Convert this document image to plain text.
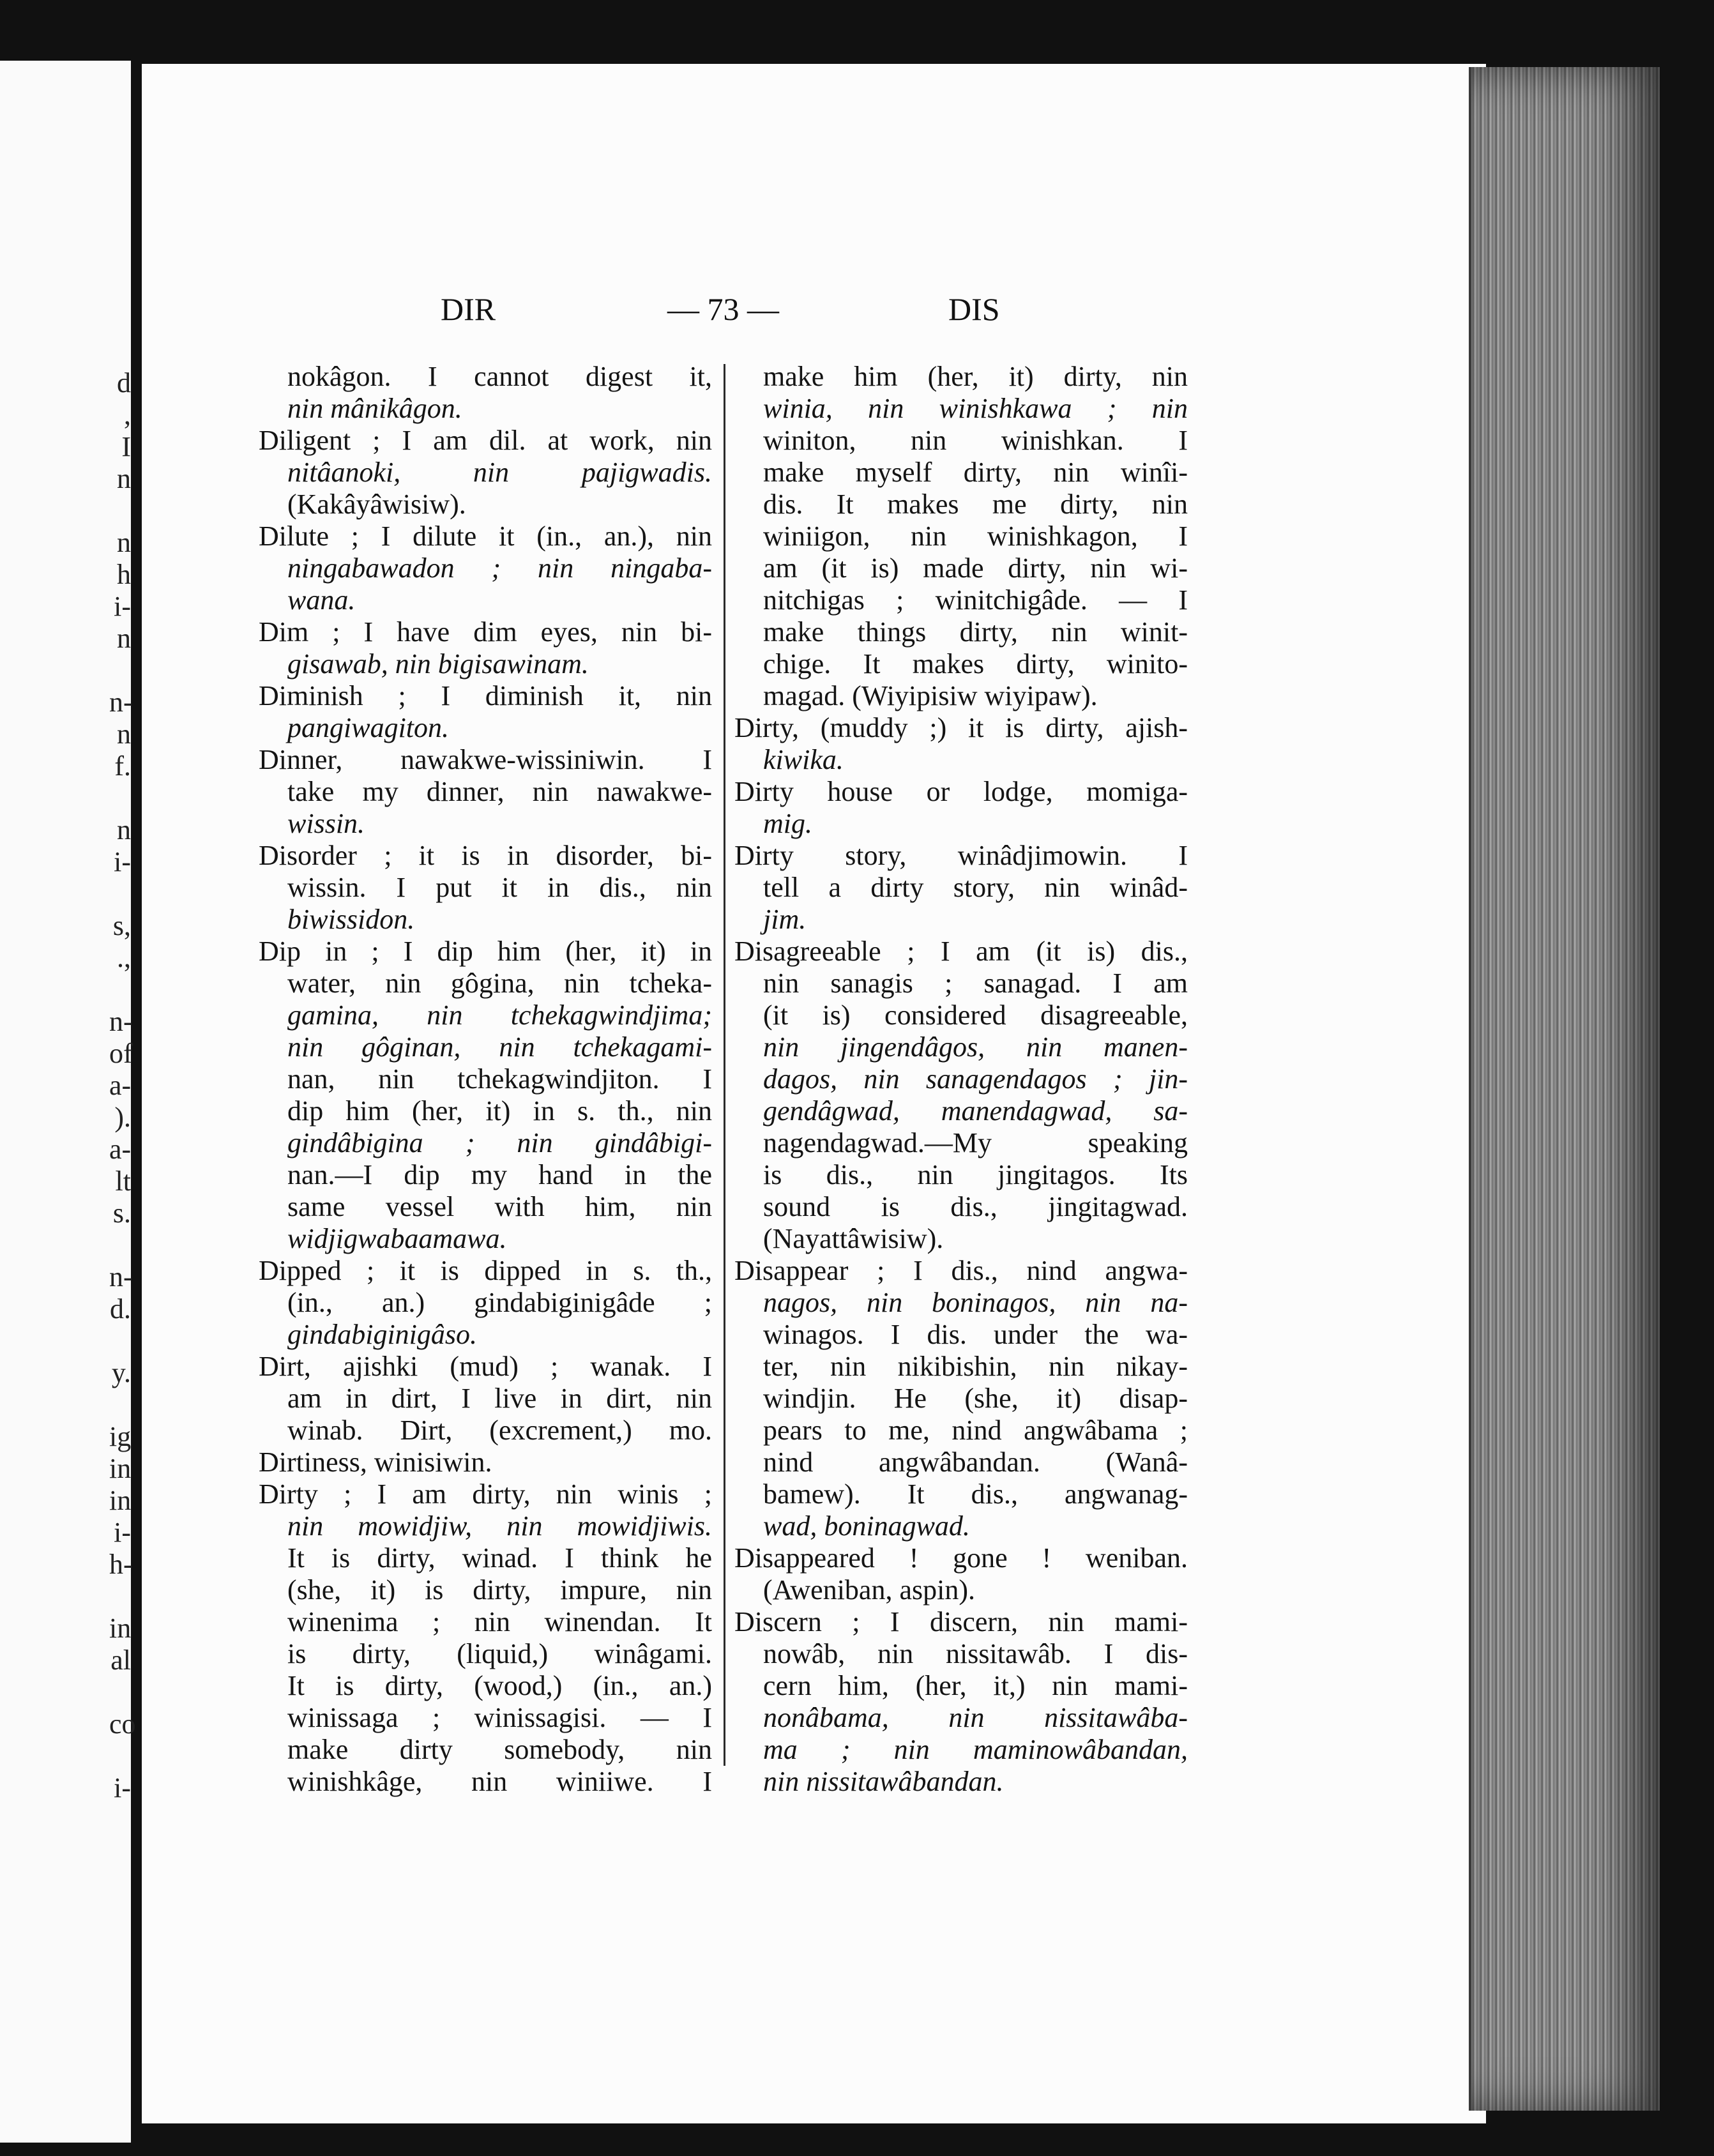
d
,
I
n
n
h
i-
n
n-
n
f.
n
i-
s,
.,
n-
of
a-
).
a-
lt
s.
n-
d.
y.
ig
in
in
i-
h-
in
al
co
i-
DIR	— 73 —	DIS
nokâgon. I cannot digest it,
nin mânikâgon.
Diligent ; I am dil. at work, nin
nitâanoki, nin pajigwadis.
(Kakâyâwisiw).
Dilute ; I dilute it (in., an.), nin
ningabawadon ; nin ningaba-
wana.
Dim ; I have dim eyes, nin bi-
gisawab, nin bigisawinam.
Diminish ; I diminish it, nin
pangiwagiton.
Dinner, nawakwe-wissiniwin. I
take my dinner, nin nawakwe-
wissin.
Disorder ; it is in disorder, bi-
wissin. I put it in dis., nin
biwissidon.
Dip in ; I dip him (her, it) in
water, nin gôgina, nin tcheka-
gamina, nin tchekagwindjima;
nin gôginan, nin tchekagami-
nan, nin tchekagwindjiton. I
dip him (her, it) in s. th., nin
gindâbigina ; nin gindâbigi-
nan.—I dip my hand in the
same vessel with him, nin
widjigwabaamawa.
Dipped ; it is dipped in s. th.,
(in., an.) gindabiginigâde ;
gindabiginigâso.
Dirt, ajishki (mud) ; wanak. I
am in dirt, I live in dirt, nin
winab. Dirt, (excrement,) mo.
Dirtiness, winisiwin.
Dirty ; I am dirty, nin winis ;
nin mowidjiw, nin mowidjiwis.
It is dirty, winad. I think he
(she, it) is dirty, impure, nin
winenima ; nin winendan. It
is dirty, (liquid,) winâgami.
It is dirty, (wood,) (in., an.)
winissaga ; winissagisi. — I
make dirty somebody, nin
winishkâge, nin winiiwe. I
make him (her, it) dirty, nin
winia, nin winishkawa ; nin
winiton, nin winishkan. I
make myself dirty, nin winîi-
dis. It makes me dirty, nin
winiigon, nin winishkagon, I
am (it is) made dirty, nin wi-
nitchigas ; winitchigâde. — I
make things dirty, nin winit-
chige. It makes dirty, winito-
magad. (Wiyipisiw wiyipaw).
Dirty, (muddy ;) it is dirty, ajish-
kiwika.
Dirty house or lodge, momiga-
mig.
Dirty story, winâdjimowin. I
tell a dirty story, nin winâd-
jim.
Disagreeable ; I am (it is) dis.,
nin sanagis ; sanagad. I am
(it is) considered disagreeable,
nin jingendâgos, nin manen-
dagos, nin sanagendagos ; jin-
gendâgwad, manendagwad, sa-
nagendagwad.—My speaking
is dis., nin jingitagos. Its
sound is dis., jingitagwad.
(Nayattâwisiw).
Disappear ; I dis., nind angwa-
nagos, nin boninagos, nin na-
winagos. I dis. under the wa-
ter, nin nikibishin, nin nikay-
windjin. He (she, it) disap-
pears to me, nind angwâbama ;
nind angwâbandan. (Wanâ-
bamew). It dis., angwanag-
wad, boninagwad.
Disappeared ! gone ! weniban.
(Aweniban, aspin).
Discern ; I discern, nin mami-
nowâb, nin nissitawâb. I dis-
cern him, (her, it,) nin mami-
nonâbama, nin nissitawâba-
ma ; nin maminowâbandan,
nin nissitawâbandan.
